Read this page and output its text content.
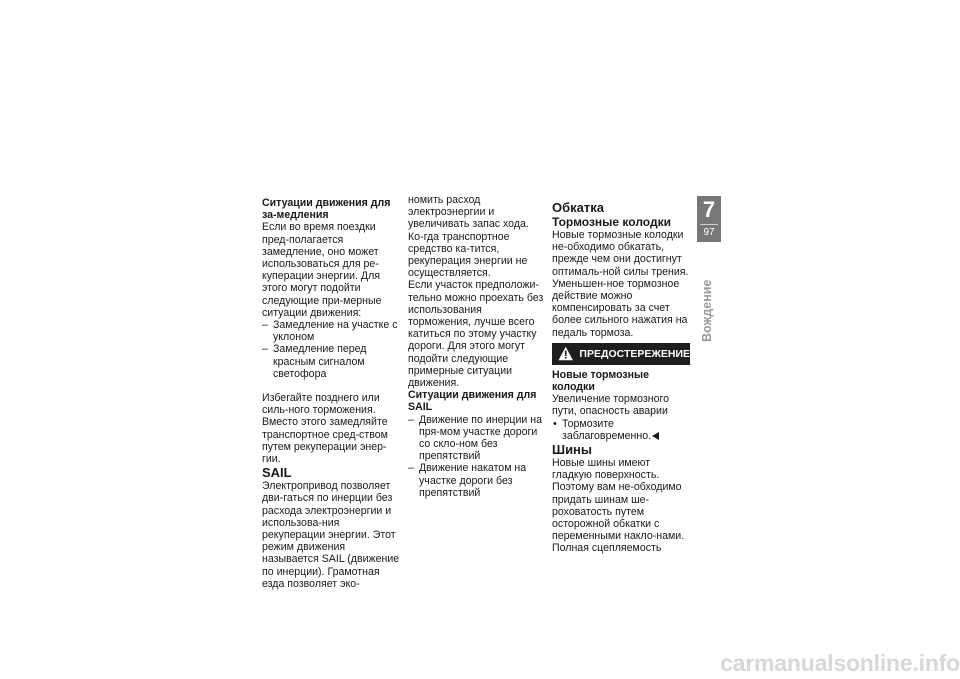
Ситуации движения для за-медления

Если во время поездки пред-полагается замедление, оно может использоваться для ре-куперации энергии. Для этого могут подойти следующие при-мерные ситуации движения:

– Замедление на участке с уклоном
– Замедление перед красным сигналом светофора

Избегайте позднего или силь-ного торможения. Вместо этого замедляйте транспортное сред-ством путем рекуперации энер-гии.

SAIL

Электропривод позволяет дви-гаться по инерции без расхода электроэнергии и использова-ния рекуперации энергии. Этот режим движения называется SAIL (движение по инерции). Грамотная езда позволяет эко-

номить расход электроэнергии и увеличивать запас хода. Ко-гда транспортное средство ка-тится, рекуперация энергии не осуществляется.

Если участок предположи-тельно можно проехать без использования торможения, лучше всего катиться по этому участку дороги. Для этого могут подойти следующие примерные ситуации движения.

Ситуации движения для SAIL

– Движение по инерции на пря-мом участке дороги со скло-ном без препятствий
– Движение накатом на участке дороги без препятствий

Обкатка

Тормозные колодки

Новые тормозные колодки не-обходимо обкатать, прежде чем они достигнут оптималь-ной силы трения. Уменьшен-ное тормозное действие можно компенсировать за счет более сильного нажатия на педаль тормоза.

ПРЕДОСТЕРЕЖЕНИЕ

Новые тормозные колодки

Увеличение тормозного пути, опасность аварии

• Тормозите заблаговременно.

Шины

Новые шины имеют гладкую поверхность. Поэтому вам не-обходимо придать шинам ше-роховатость путем осторожной обкатки с переменными накло-нами. Полная сцепляемость

7
97
Вождение
carmanualsonline.info
